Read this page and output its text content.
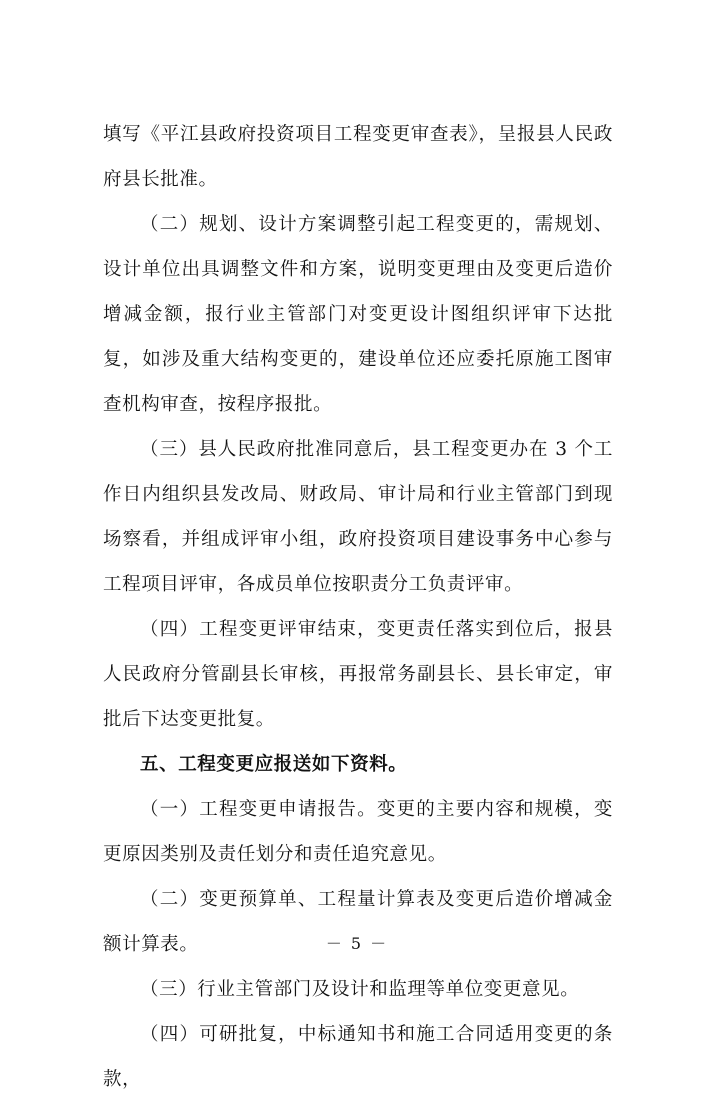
填写《平江县政府投资项目工程变更审查表》，呈报县人民政府县长批准。

（二）规划、设计方案调整引起工程变更的，需规划、设计单位出具调整文件和方案，说明变更理由及变更后造价增减金额，报行业主管部门对变更设计图组织评审下达批复，如涉及重大结构变更的，建设单位还应委托原施工图审查机构审查，按程序报批。

（三）县人民政府批准同意后，县工程变更办在 3 个工作日内组织县发改局、财政局、审计局和行业主管部门到现场察看，并组成评审小组，政府投资项目建设事务中心参与工程项目评审，各成员单位按职责分工负责评审。

（四）工程变更评审结束，变更责任落实到位后，报县人民政府分管副县长审核，再报常务副县长、县长审定，审批后下达变更批复。

五、工程变更应报送如下资料。

（一）工程变更申请报告。变更的主要内容和规模，变更原因类别及责任划分和责任追究意见。

（二）变更预算单、工程量计算表及变更后造价增减金额计算表。

（三）行业主管部门及设计和监理等单位变更意见。

（四）可研批复，中标通知书和施工合同适用变更的条款，

－ 5 －
